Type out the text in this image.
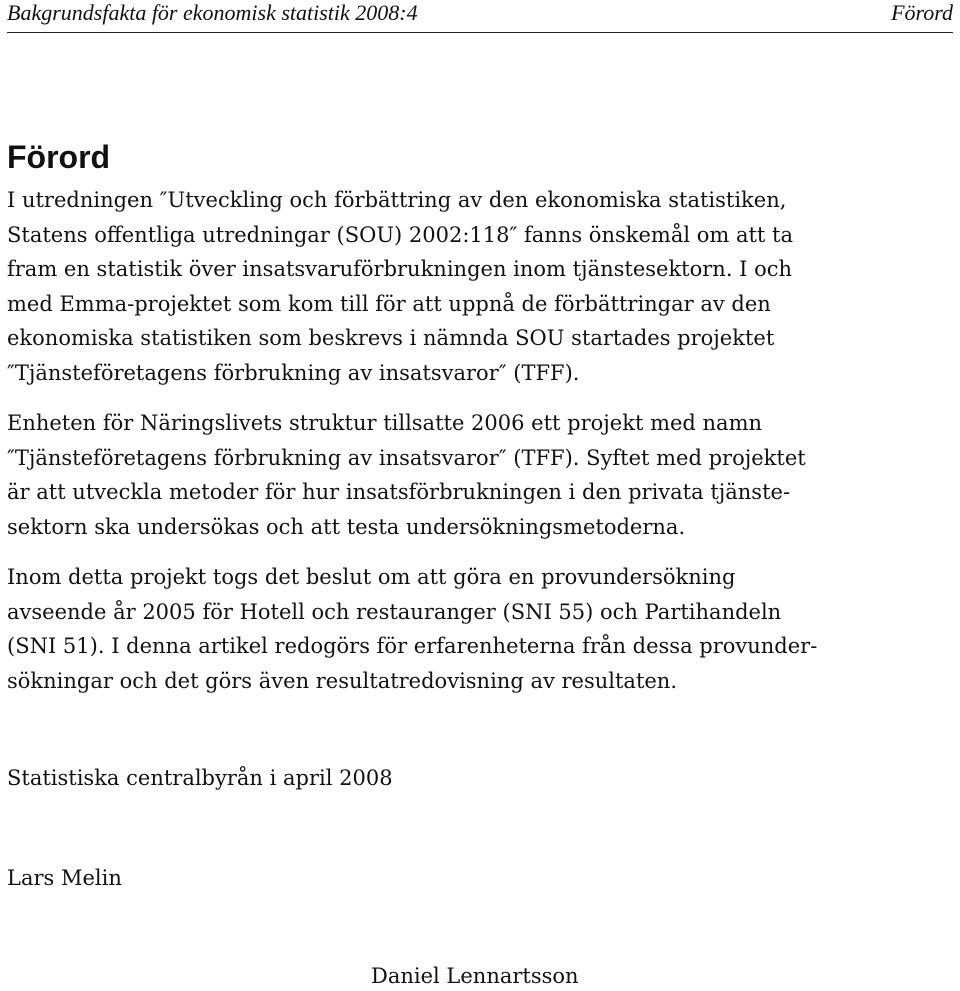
Bakgrundsfakta för ekonomisk statistik 2008:4	Förord
Förord

I utredningen ″Utveckling och förbättring av den ekonomiska statistiken,
Statens offentliga utredningar (SOU) 2002:118″ fanns önskemål om att ta
fram en statistik över insatsvaruförbrukningen inom tjänstesektorn. I och
med Emma-projektet som kom till för att uppnå de förbättringar av den
ekonomiska statistiken som beskrevs i nämnda SOU startades projektet
″Tjänsteföretagens förbrukning av insatsvaror″ (TFF).

Enheten för Näringslivets struktur tillsatte 2006 ett projekt med namn
″Tjänsteföretagens förbrukning av insatsvaror″ (TFF). Syftet med projektet
är att utveckla metoder för hur insatsförbrukningen i den privata tjänste-
sektorn ska undersökas och att testa undersökningsmetoderna.

Inom detta projekt togs det beslut om att göra en provundersökning
avseende år 2005 för Hotell och restauranger (SNI 55) och Partihandeln
(SNI 51). I denna artikel redogörs för erfarenheterna från dessa provunder-
sökningar och det görs även resultatredovisning av resultaten.

Statistiska centralbyrån i april 2008

Lars Melin

Daniel Lennartsson
